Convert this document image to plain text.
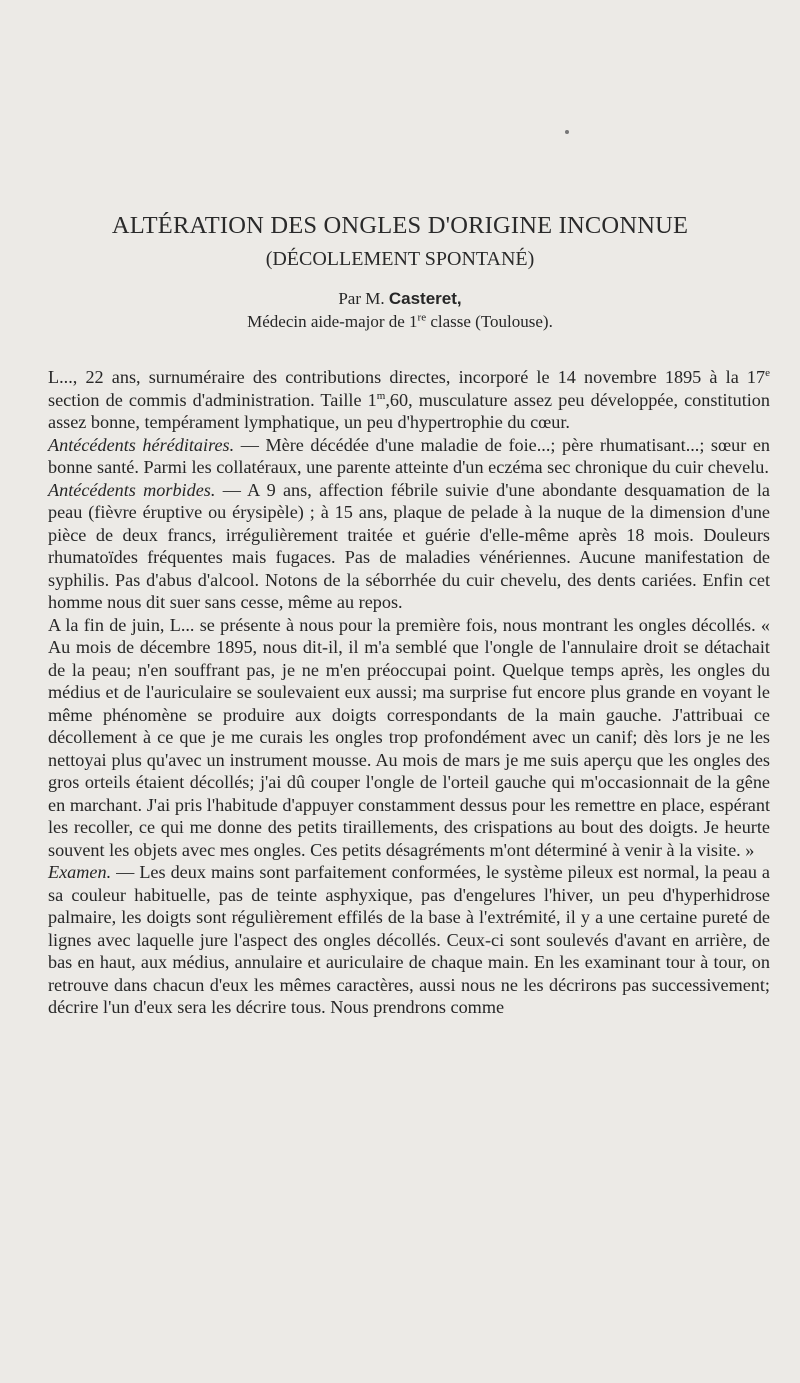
ALTÉRATION DES ONGLES D'ORIGINE INCONNUE
(DÉCOLLEMENT SPONTANÉ)
Par M. Casteret,
Médecin aide-major de 1re classe (Toulouse).

L..., 22 ans, surnuméraire des contributions directes, incorporé le 14 novembre 1895 à la 17e section de commis d'administration. Taille 1$^m$,60, musculature assez peu développée, constitution assez bonne, tempérament lymphatique, un peu d'hypertrophie du cœur.

Antécédents héréditaires. — Mère décédée d'une maladie de foie...; père rhumatisant...; sœur en bonne santé. Parmi les collatéraux, une parente atteinte d'un eczéma sec chronique du cuir chevelu.

Antécédents morbides. — A 9 ans, affection fébrile suivie d'une abondante desquamation de la peau (fièvre éruptive ou érysipèle) ; à 15 ans, plaque de pelade à la nuque de la dimension d'une pièce de deux francs, irrégulièrement traitée et guérie d'elle-même après 18 mois. Douleurs rhumatoïdes fréquentes mais fugaces. Pas de maladies vénériennes. Aucune manifestation de syphilis. Pas d'abus d'alcool. Notons de la séborrhée du cuir chevelu, des dents cariées. Enfin cet homme nous dit suer sans cesse, même au repos.

A la fin de juin, L... se présente à nous pour la première fois, nous montrant les ongles décollés. « Au mois de décembre 1895, nous dit-il, il m'a semblé que l'ongle de l'annulaire droit se détachait de la peau; n'en souffrant pas, je ne m'en préoccupai point. Quelque temps après, les ongles du médius et de l'auriculaire se soulevaient eux aussi; ma surprise fut encore plus grande en voyant le même phénomène se produire aux doigts correspondants de la main gauche. J'attribuai ce décollement à ce que je me curais les ongles trop profondément avec un canif; dès lors je ne les nettoyai plus qu'avec un instrument mousse. Au mois de mars je me suis aperçu que les ongles des gros orteils étaient décollés; j'ai dû couper l'ongle de l'orteil gauche qui m'occasionnait de la gêne en marchant. J'ai pris l'habitude d'appuyer constamment dessus pour les remettre en place, espérant les recoller, ce qui me donne des petits tiraillements, des crispations au bout des doigts. Je heurte souvent les objets avec mes ongles. Ces petits désagréments m'ont déterminé à venir à la visite. »

Examen. — Les deux mains sont parfaitement conformées, le système pileux est normal, la peau a sa couleur habituelle, pas de teinte asphyxique, pas d'engelures l'hiver, un peu d'hyperhidrose palmaire, les doigts sont régulièrement effilés de la base à l'extrémité, il y a une certaine pureté de lignes avec laquelle jure l'aspect des ongles décollés. Ceux-ci sont soulevés d'avant en arrière, de bas en haut, aux médius, annulaire et auriculaire de chaque main. En les examinant tour à tour, on retrouve dans chacun d'eux les mêmes caractères, aussi nous ne les décrirons pas successivement; décrire l'un d'eux sera les décrire tous. Nous prendrons comme
